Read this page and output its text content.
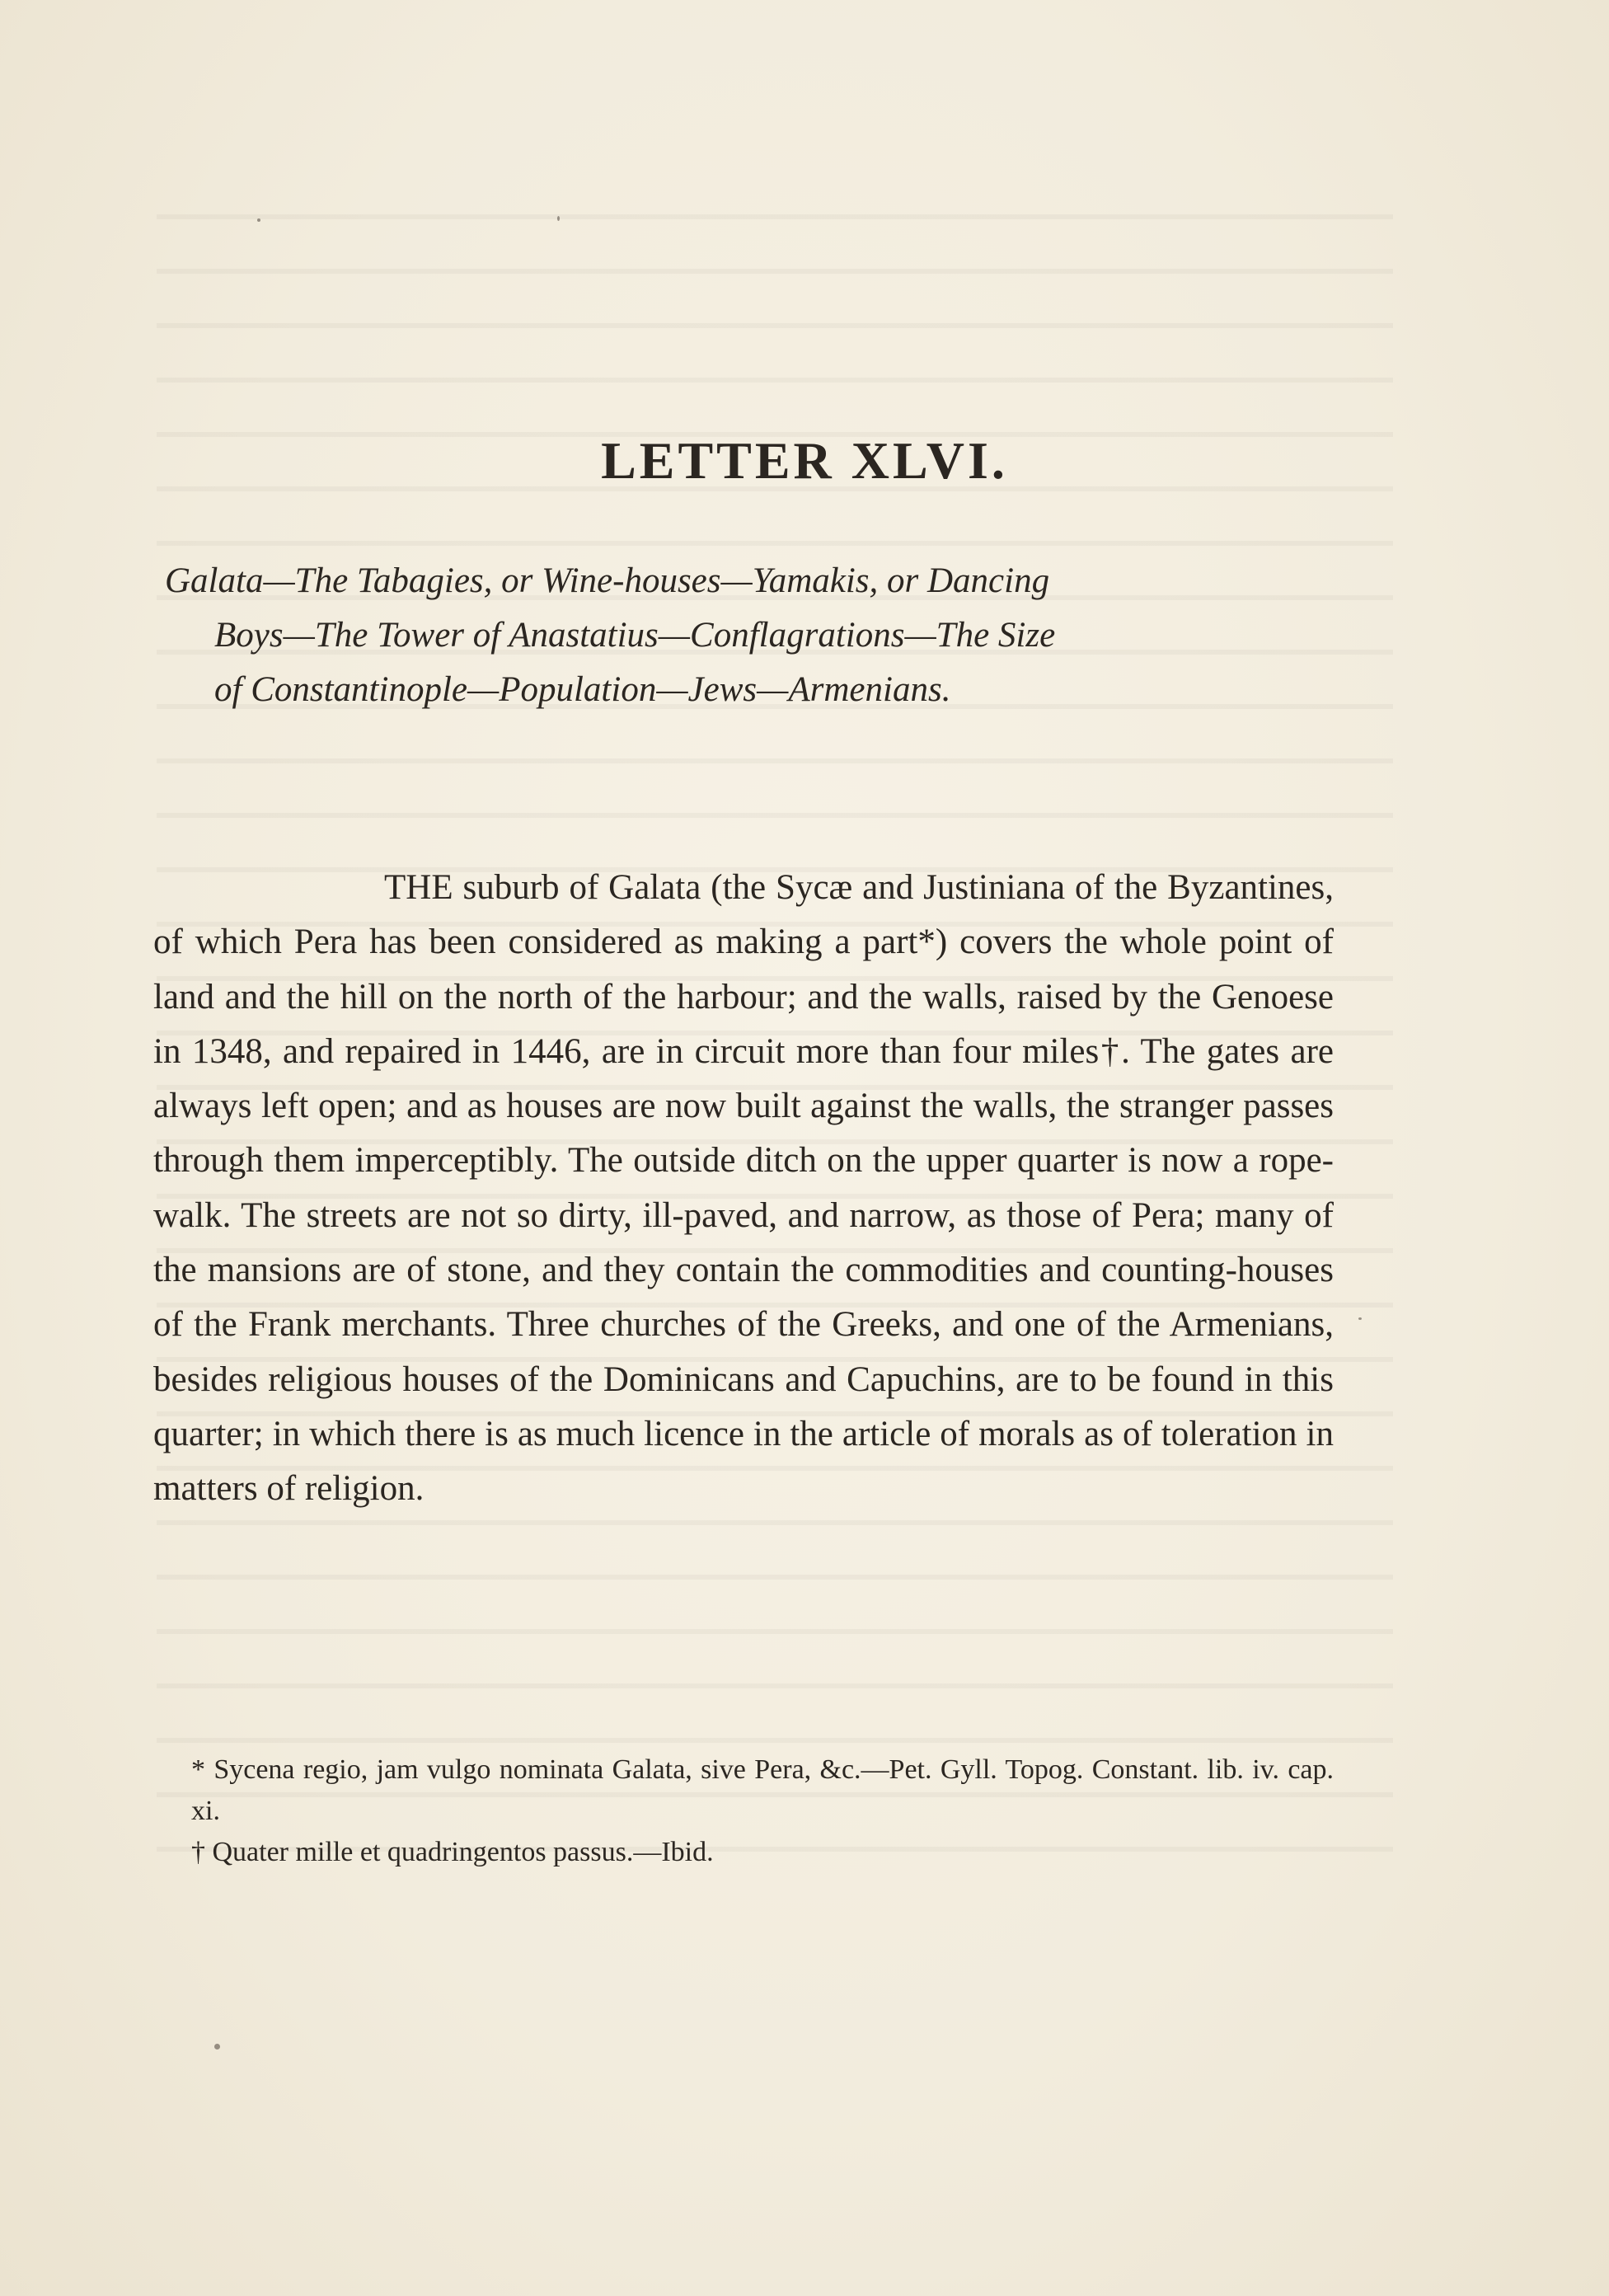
LETTER XLVI.
Galata—The Tabagies, or Wine-houses—Yamakis, or Dancing
Boys—The Tower of Anastatius—Conflagrations—The Size
of Constantinople—Population—Jews—Armenians.

THE suburb of Galata (the Sycæ and Justiniana of the Byzantines, of which Pera has been considered as making a part*) covers the whole point of land and the hill on the north of the harbour; and the walls, raised by the Genoese in 1348, and repaired in 1446, are in circuit more than four miles†. The gates are always left open; and as houses are now built against the walls, the stranger passes through them imperceptibly. The outside ditch on the upper quarter is now a rope-walk. The streets are not so dirty, ill-paved, and narrow, as those of Pera; many of the mansions are of stone, and they contain the commodities and counting-houses of the Frank merchants. Three churches of the Greeks, and one of the Armenians, besides religious houses of the Dominicans and Capuchins, are to be found in this quarter; in which there is as much licence in the article of morals as of toleration in matters of religion.

* Sycena regio, jam vulgo nominata Galata, sive Pera, &c.—Pet. Gyll. Topog. Constant. lib. iv. cap. xi.
† Quater mille et quadringentos passus.—Ibid.
